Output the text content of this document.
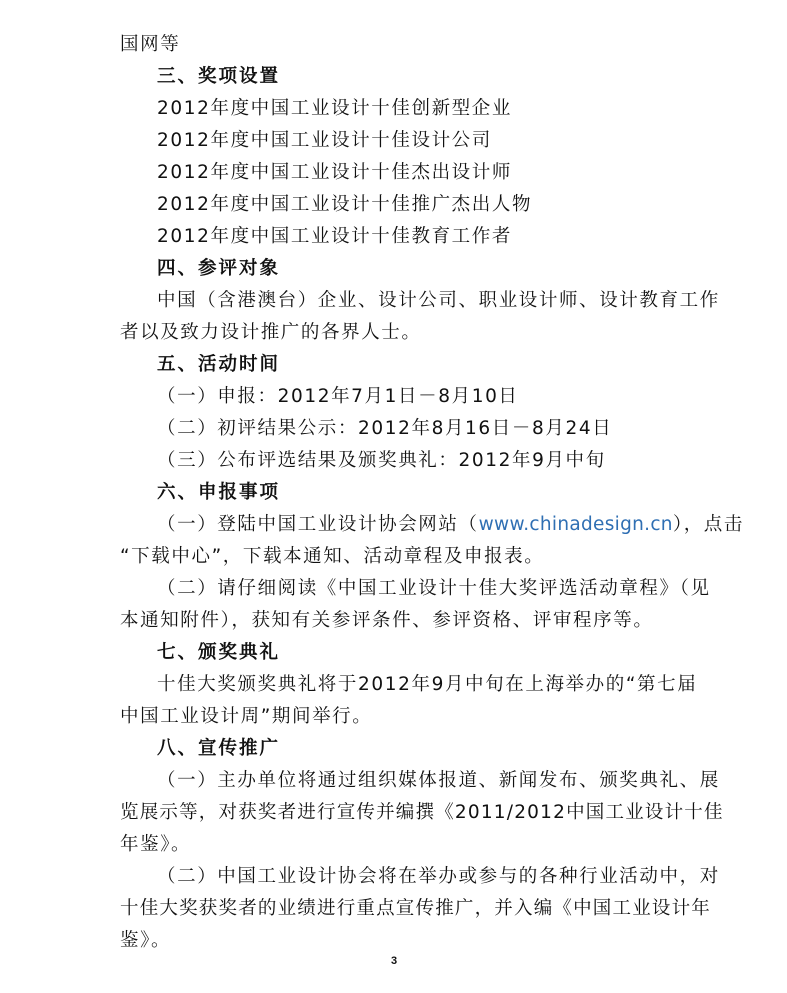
国网等
三、奖项设置
2012年度中国工业设计十佳创新型企业
2012年度中国工业设计十佳设计公司
2012年度中国工业设计十佳杰出设计师
2012年度中国工业设计十佳推广杰出人物
2012年度中国工业设计十佳教育工作者
四、参评对象
中国（含港澳台）企业、设计公司、职业设计师、设计教育工作
者以及致力设计推广的各界人士。
五、活动时间
（一）申报：2012年7月1日－8月10日
（二）初评结果公示：2012年8月16日－8月24日
（三）公布评选结果及颁奖典礼：2012年9月中旬
六、申报事项
（一）登陆中国工业设计协会网站（www.chinadesign.cn），点击
“下载中心”，下载本通知、活动章程及申报表。
（二）请仔细阅读《中国工业设计十佳大奖评选活动章程》（见
本通知附件），获知有关参评条件、参评资格、评审程序等。
七、颁奖典礼
十佳大奖颁奖典礼将于2012年9月中旬在上海举办的“第七届
中国工业设计周”期间举行。
八、宣传推广
（一）主办单位将通过组织媒体报道、新闻发布、颁奖典礼、展
览展示等，对获奖者进行宣传并编撰《2011/2012中国工业设计十佳
年鉴》。
（二）中国工业设计协会将在举办或参与的各种行业活动中，对
十佳大奖获奖者的业绩进行重点宣传推广，并入编《中国工业设计年
鉴》。
3
